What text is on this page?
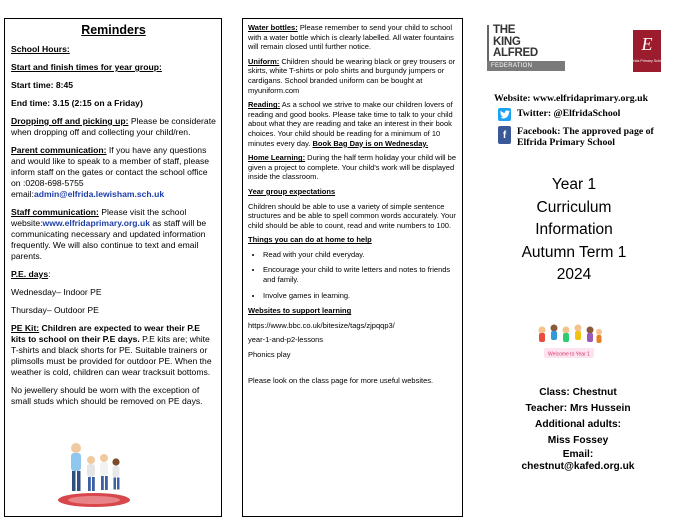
Reminders

School Hours:

Start and finish times for year group:

Start time: 8:45

End time: 3.15 (2:15 on a Friday)

Dropping off and picking up: Please be considerate when dropping off and collecting your child/ren.

Parent communication: If you have any questions and would like to speak to a member of staff, please inform staff on the gates or contact the school office on :0208-698-5755 email:admin@elfrida.lewisham.sch.uk

Staff communication: Please visit the school website:www.elfridaprimary.org.uk as staff will be communicating necessary and updated information frequently. We will also continue to text and email parents.

P.E. days:

Wednesday– Indoor PE

Thursday– Outdoor PE

PE Kit: Children are expected to wear their P.E kits to school on their P.E days. P.E kits are; white T-shirts and black shorts for PE. Suitable trainers or plimsolls must be provided for outdoor PE. When the weather is cold, children can wear tracksuit bottoms.

No jewellery should be worn with the exception of small studs which should be removed on PE days.

Water bottles: Please remember to send your child to school with a water bottle which is clearly labelled. All water fountains will remain closed until further notice.

Uniform: Children should be wearing black or grey trousers or skirts, white T-shirts or polo shirts and burgundy jumpers or cardigans. School branded uniform can be bought at myuniform.com

Reading: As a school we strive to make our children lovers of reading and good books. Please take time to talk to your child about what they are reading and take an interest in their book choices. Your child should be reading for a minimum of 10 minutes every day. Book Bag Day is on Wednesday.

Home Learning: During the half term holiday your child will be given a project to complete. Your child's work will be displayed inside the classroom.

Year group expectations

Children should be able to use a variety of simple sentence structures and be able to spell common words accurately. Your child should be able to count, read and write numbers to 100.

Things you can do at home to help

• Read with your child everyday.
• Encourage your child to write letters and notes to friends and family.
• Involve games in learning.

Websites to support learning

https://www.bbc.co.uk/bitesize/tags/zjpqqp3/

year-1-and-p2-lessons

Phonics play

Please look on the class page for more useful websites.

THE
KING
ALFRED
FEDERATION
E
Elfrida Primary School
Website: www.elfridaprimary.org.uk
Twitter: @ElfridaSchool
f	Facebook: The approved page of Elfrida Primary School
Year 1
Curriculum
Information
Autumn Term 1
2024
Welcome to Year 1
Class: Chestnut
Teacher: Mrs Hussein
Additional adults:
Miss Fossey
Email:
chestnut@kafed.org.uk
